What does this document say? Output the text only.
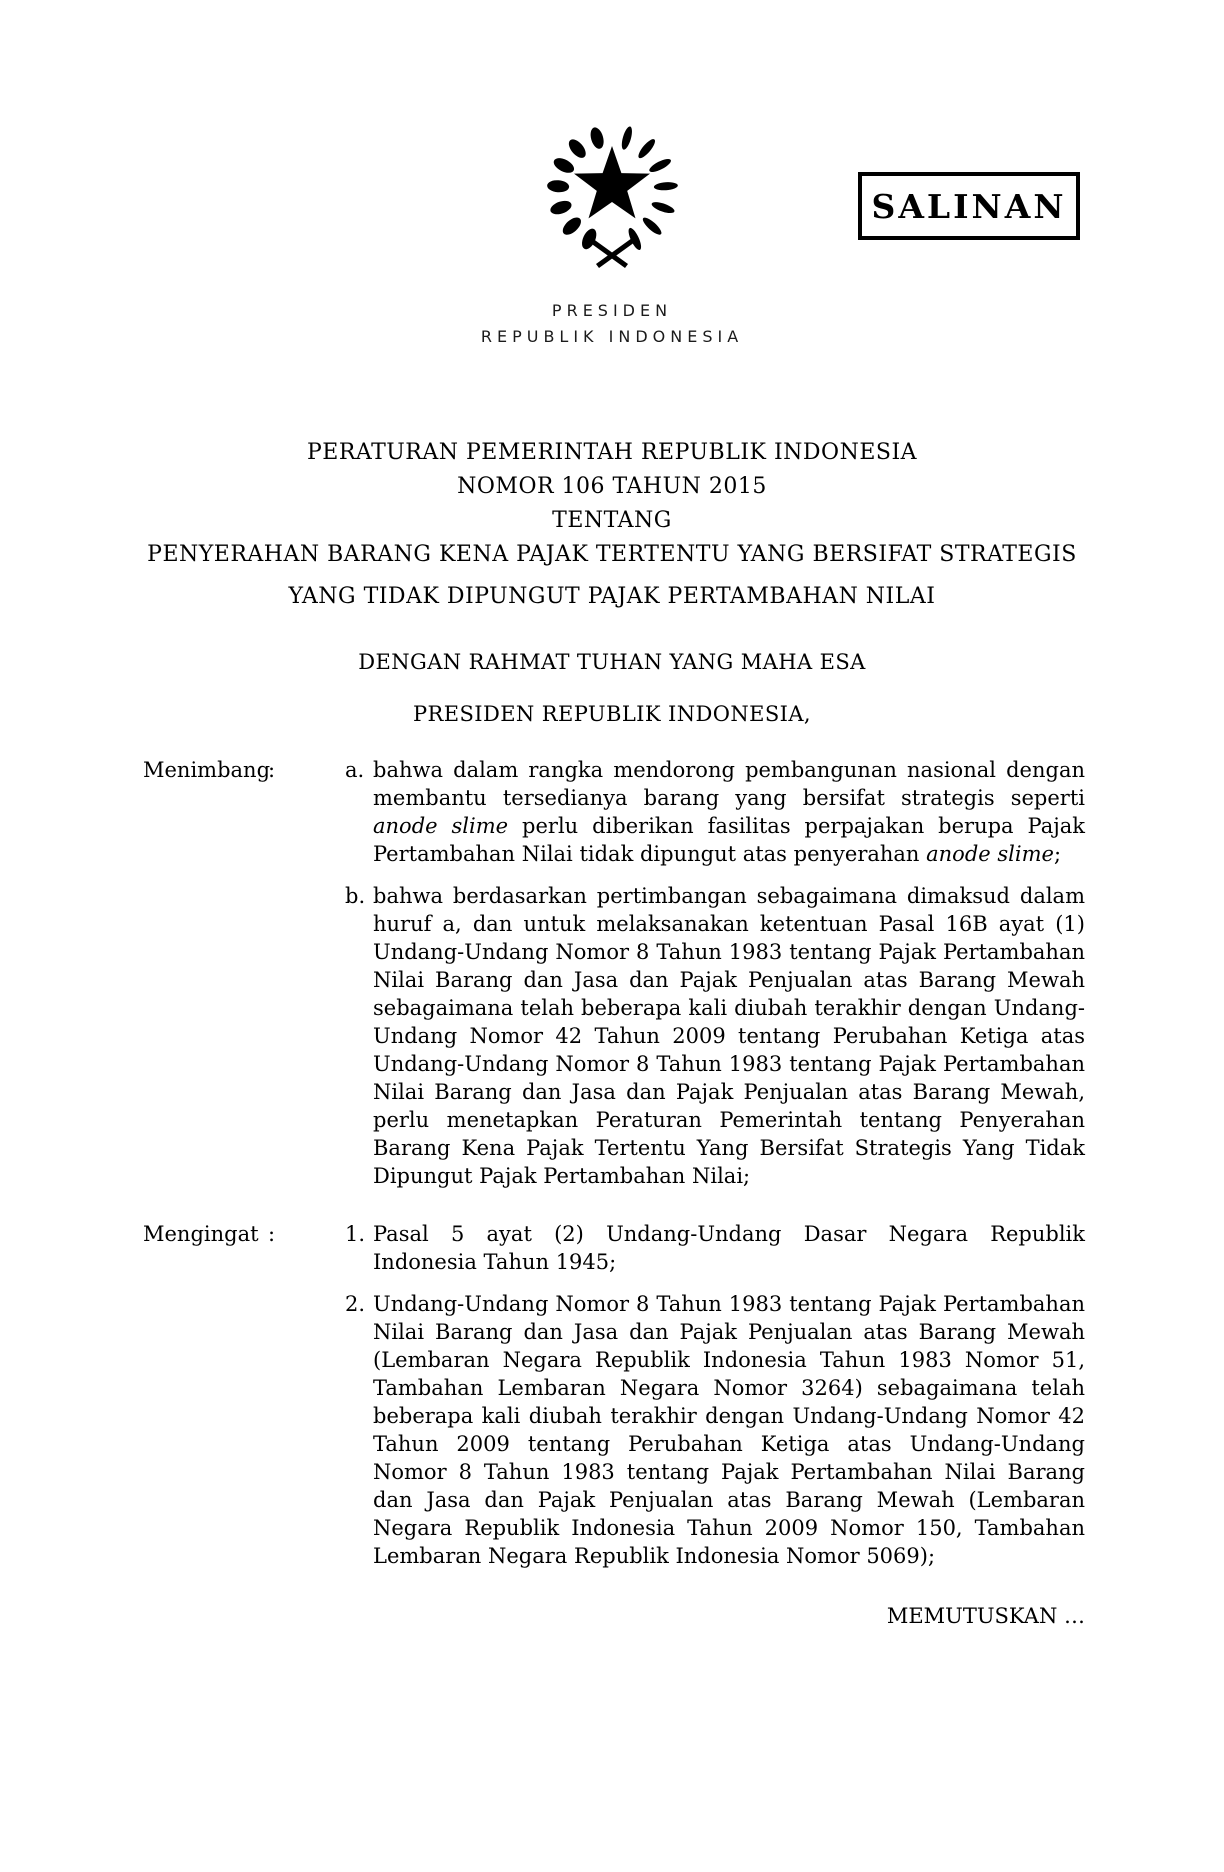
SALINAN
PRESIDEN
REPUBLIK INDONESIA
PERATURAN PEMERINTAH REPUBLIK INDONESIA
NOMOR 106 TAHUN 2015
TENTANG
PENYERAHAN BARANG KENA PAJAK TERTENTU YANG BERSIFAT STRATEGIS
YANG TIDAK DIPUNGUT PAJAK PERTAMBAHAN NILAI
DENGAN RAHMAT TUHAN YANG MAHA ESA
PRESIDEN REPUBLIK INDONESIA,
Menimbang
:	a. bahwa dalam rangka mendorong pembangunan nasional dengan membantu tersedianya barang yang bersifat strategis seperti anode slime perlu diberikan fasilitas perpajakan berupa Pajak Pertambahan Nilai tidak dipungut atas penyerahan anode slime;
b. bahwa berdasarkan pertimbangan sebagaimana dimaksud dalam huruf a, dan untuk melaksanakan ketentuan Pasal 16B ayat (1) Undang-Undang Nomor 8 Tahun 1983 tentang Pajak Pertambahan Nilai Barang dan Jasa dan Pajak Penjualan atas Barang Mewah sebagaimana telah beberapa kali diubah terakhir dengan Undang-Undang Nomor 42 Tahun 2009 tentang Perubahan Ketiga atas Undang-Undang Nomor 8 Tahun 1983 tentang Pajak Pertambahan Nilai Barang dan Jasa dan Pajak Penjualan atas Barang Mewah, perlu menetapkan Peraturan Pemerintah tentang Penyerahan Barang Kena Pajak Tertentu Yang Bersifat Strategis Yang Tidak Dipungut Pajak Pertambahan Nilai;
Mengingat :	1. Pasal 5 ayat (2) Undang-Undang Dasar Negara Republik Indonesia Tahun 1945;
2. Undang-Undang Nomor 8 Tahun 1983 tentang Pajak Pertambahan Nilai Barang dan Jasa dan Pajak Penjualan atas Barang Mewah (Lembaran Negara Republik Indonesia Tahun 1983 Nomor 51, Tambahan Lembaran Negara Nomor 3264) sebagaimana telah beberapa kali diubah terakhir dengan Undang-Undang Nomor 42 Tahun 2009 tentang Perubahan Ketiga atas Undang-Undang Nomor 8 Tahun 1983 tentang Pajak Pertambahan Nilai Barang dan Jasa dan Pajak Penjualan atas Barang Mewah (Lembaran Negara Republik Indonesia Tahun 2009 Nomor 150, Tambahan Lembaran Negara Republik Indonesia Nomor 5069);
MEMUTUSKAN …
